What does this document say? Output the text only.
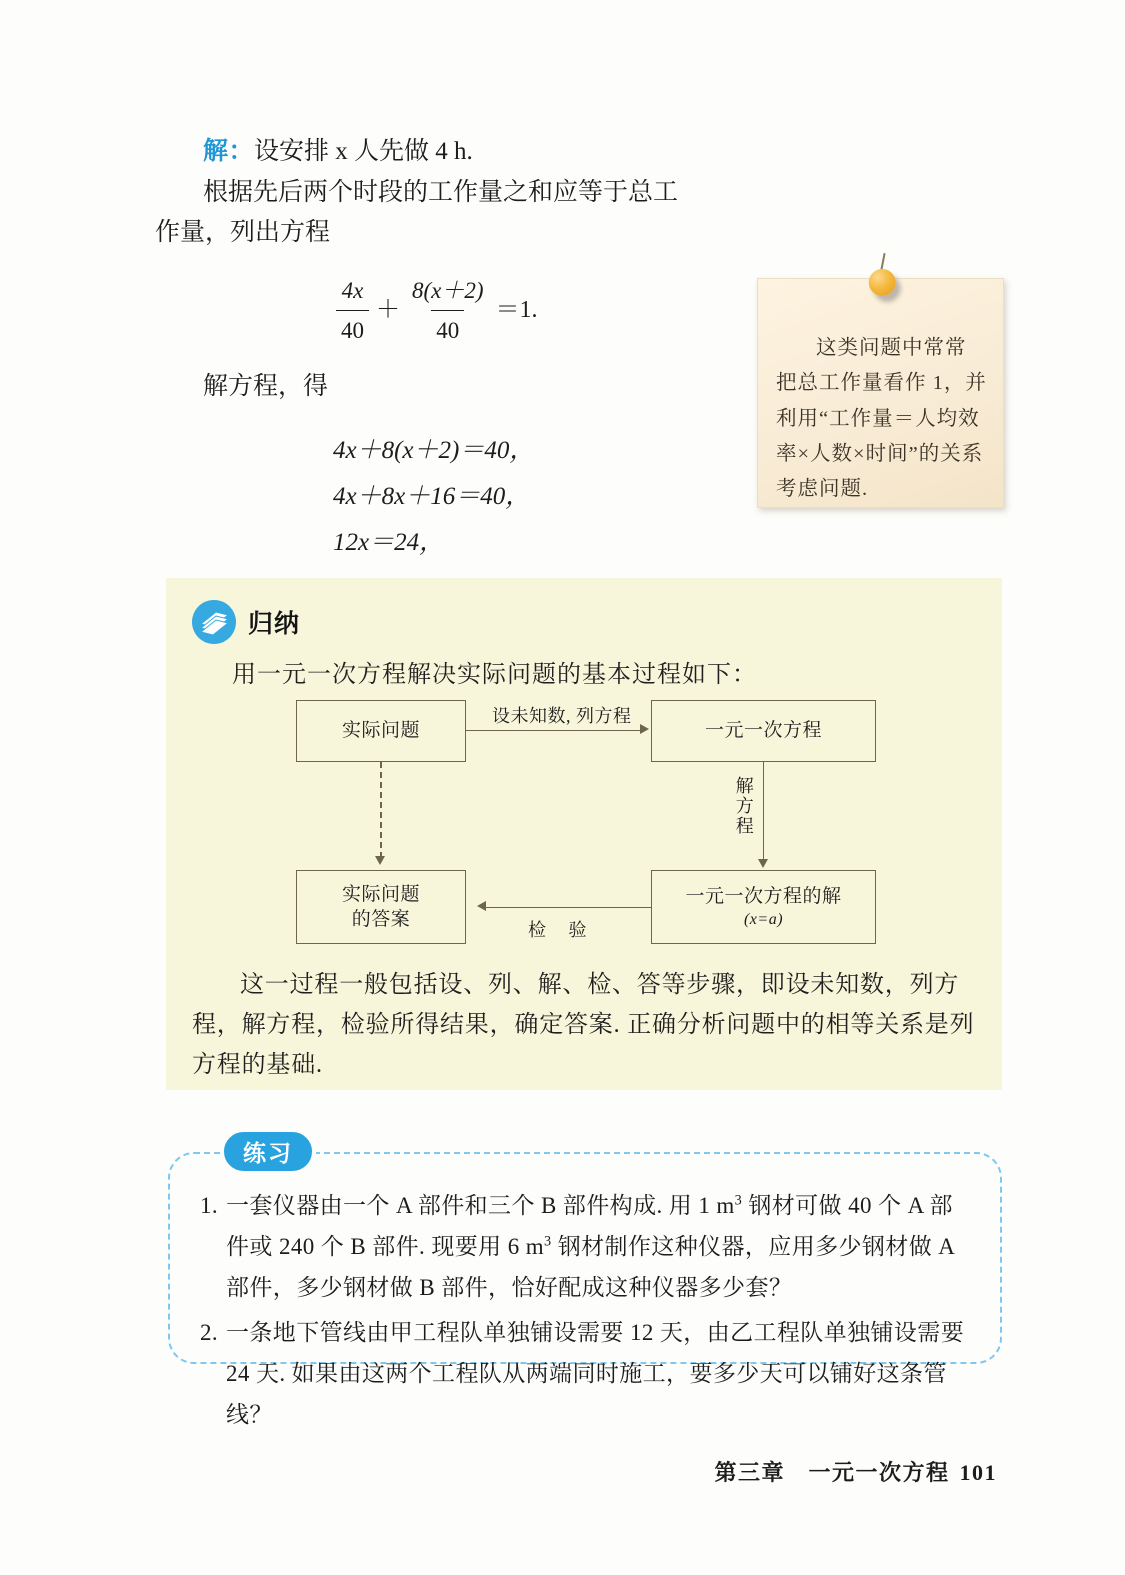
解：设安排 x 人先做 4 h.
根据先后两个时段的工作量之和应等于总工
作量，列出方程
$\frac{4x}{40} + \frac{8(x+2)}{40} =1$.
解方程，得
4x＋8(x＋2)＝40，
4x＋8x＋16＝40，
12x＝24，
这类问题中常常把总工作量看作 1，并利用“工作量＝人均效率×人数×时间”的关系考虑问题.
归纳
用一元一次方程解决实际问题的基本过程如下：
实际问题	一元一次方程
一元一次方程的解
(x=a)
实际问题
的答案
设未知数, 列方程
解方程
检 验
这一过程一般包括设、列、解、检、答等步骤，即设未知数，列方程，解方程，检验所得结果，确定答案. 正确分析问题中的相等关系是列方程的基础.
练习
1. 一套仪器由一个 A 部件和三个 B 部件构成. 用 1 $m^3$ 钢材可做 40 个 A 部件或 240 个 B 部件. 现要用 6 $m^3$ 钢材制作这种仪器，应用多少钢材做 A 部件，多少钢材做 B 部件，恰好配成这种仪器多少套？
2. 一条地下管线由甲工程队单独铺设需要 12 天，由乙工程队单独铺设需要 24 天. 如果由这两个工程队从两端同时施工，要多少天可以铺好这条管线？
第三章　一元一次方程 101
